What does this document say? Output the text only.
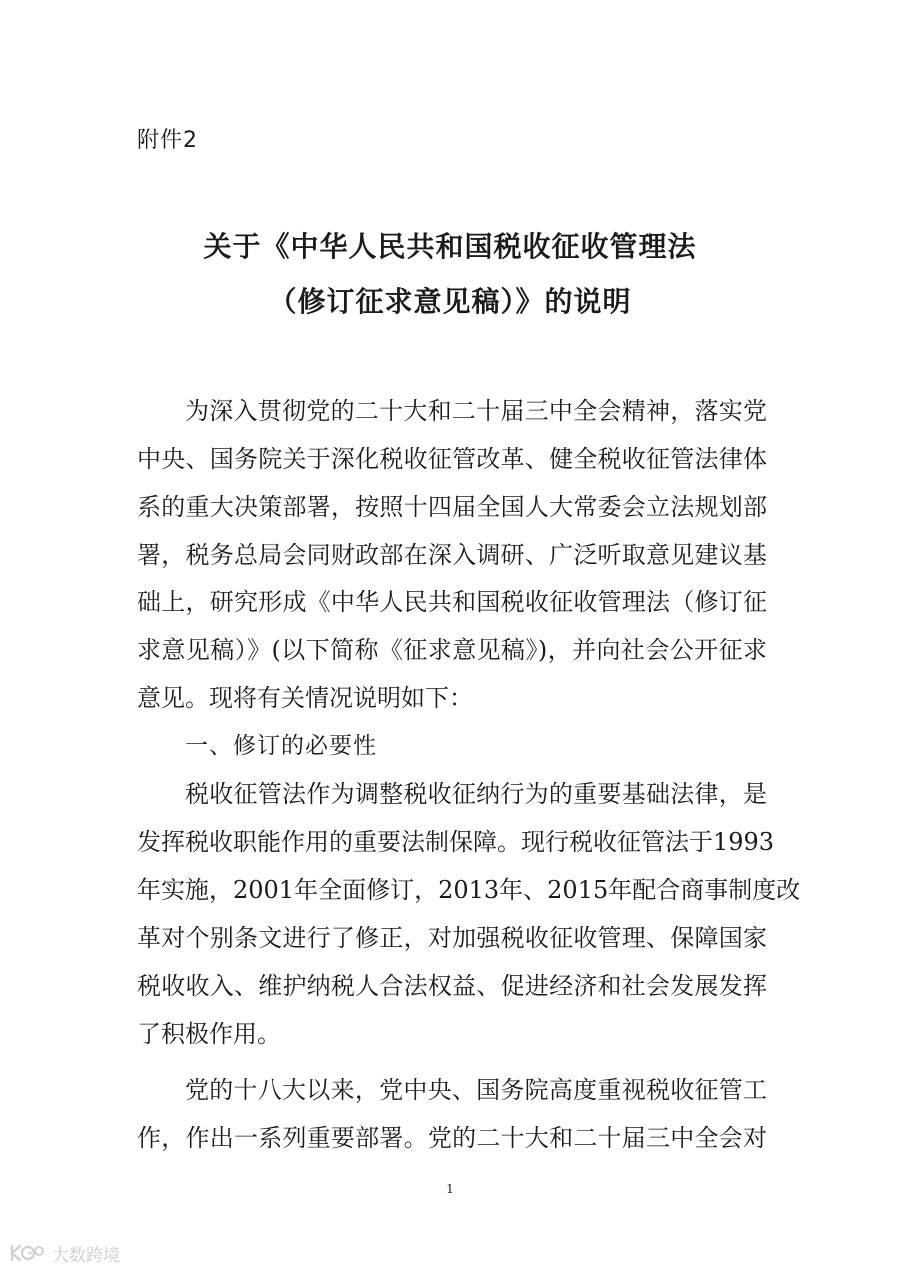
附件2
关于《中华人民共和国税收征收管理法
（修订征求意见稿）》的说明
为深入贯彻党的二十大和二十届三中全会精神，落实党
中央、国务院关于深化税收征管改革、健全税收征管法律体
系的重大决策部署，按照十四届全国人大常委会立法规划部
署，税务总局会同财政部在深入调研、广泛听取意见建议基
础上，研究形成《中华人民共和国税收征收管理法（修订征
求意见稿）》(以下简称《征求意见稿》)，并向社会公开征求
意见。现将有关情况说明如下：
一、修订的必要性
税收征管法作为调整税收征纳行为的重要基础法律，是
发挥税收职能作用的重要法制保障。现行税收征管法于1993
年实施，2001年全面修订，2013年、2015年配合商事制度改
革对个别条文进行了修正，对加强税收征收管理、保障国家
税收收入、维护纳税人合法权益、促进经济和社会发展发挥
了积极作用。
党的十八大以来，党中央、国务院高度重视税收征管工
作，作出一系列重要部署。党的二十大和二十届三中全会对
1
大数跨境
